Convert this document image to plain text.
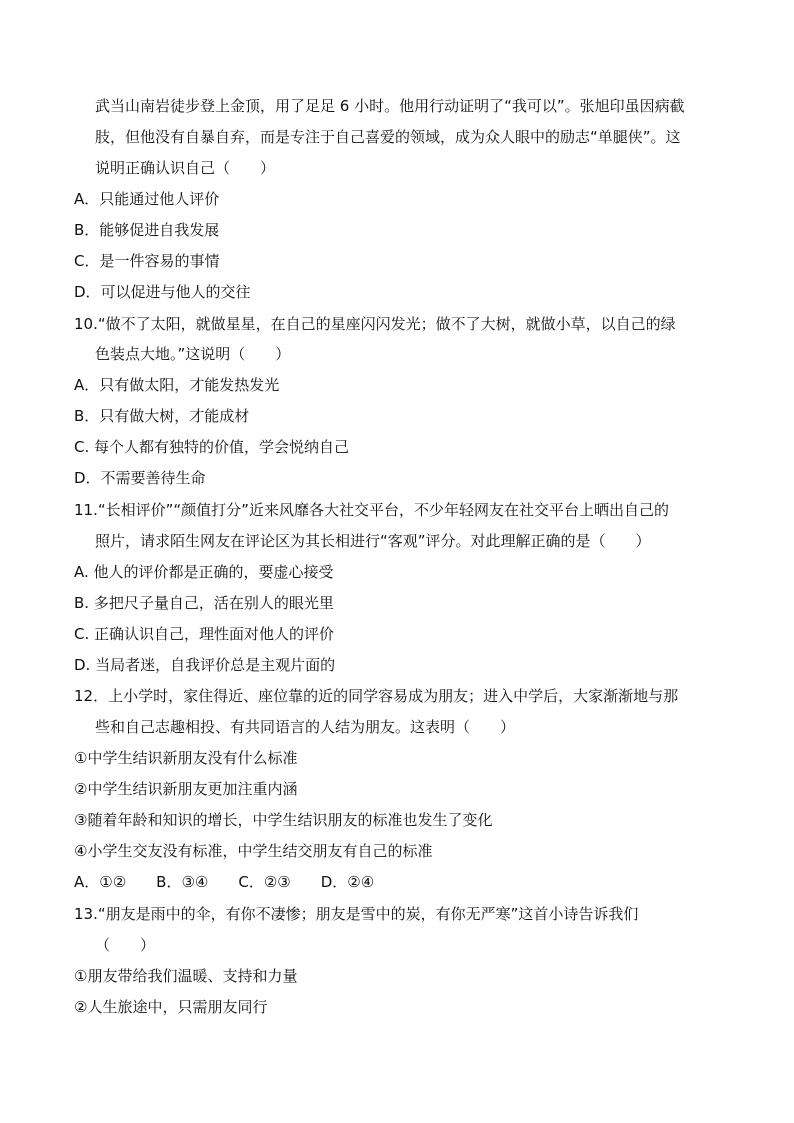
武当山南岩徒步登上金顶，用了足足 6 小时。他用行动证明了“我可以”。张旭印虽因病截
肢，但他没有自暴自弃，而是专注于自己喜爱的领域，成为众人眼中的励志“单腿侠”。这
说明正确认识自己（　　）
A．只能通过他人评价
B．能够促进自我发展
C．是一件容易的事情
D．可以促进与他人的交往
10.“做不了太阳，就做星星，在自己的星座闪闪发光；做不了大树，就做小草，以自己的绿
色装点大地。”这说明（　　）
A．只有做太阳，才能发热发光
B．只有做大树，才能成材
C. 每个人都有独特的价值，学会悦纳自己
D．不需要善待生命
11.“长相评价”“颜值打分”近来风靡各大社交平台，不少年轻网友在社交平台上晒出自己的
照片，请求陌生网友在评论区为其长相进行“客观”评分。对此理解正确的是（　　）
A. 他人的评价都是正确的，要虚心接受
B. 多把尺子量自己，活在别人的眼光里
C. 正确认识自己，理性面对他人的评价
D. 当局者迷，自我评价总是主观片面的
12．上小学时，家住得近、座位靠的近的同学容易成为朋友；进入中学后，大家渐渐地与那
些和自己志趣相投、有共同语言的人结为朋友。这表明（　　）
①中学生结识新朋友没有什么标准
②中学生结识新朋友更加注重内涵
③随着年龄和知识的增长，中学生结识朋友的标准也发生了变化
④小学生交友没有标准，中学生结交朋友有自己的标准
A．①②　　B．③④　　C．②③　　D．②④
13.“朋友是雨中的伞，有你不凄惨；朋友是雪中的炭，有你无严寒”这首小诗告诉我们
（　　）
①朋友带给我们温暖、支持和力量
②人生旅途中，只需朋友同行
